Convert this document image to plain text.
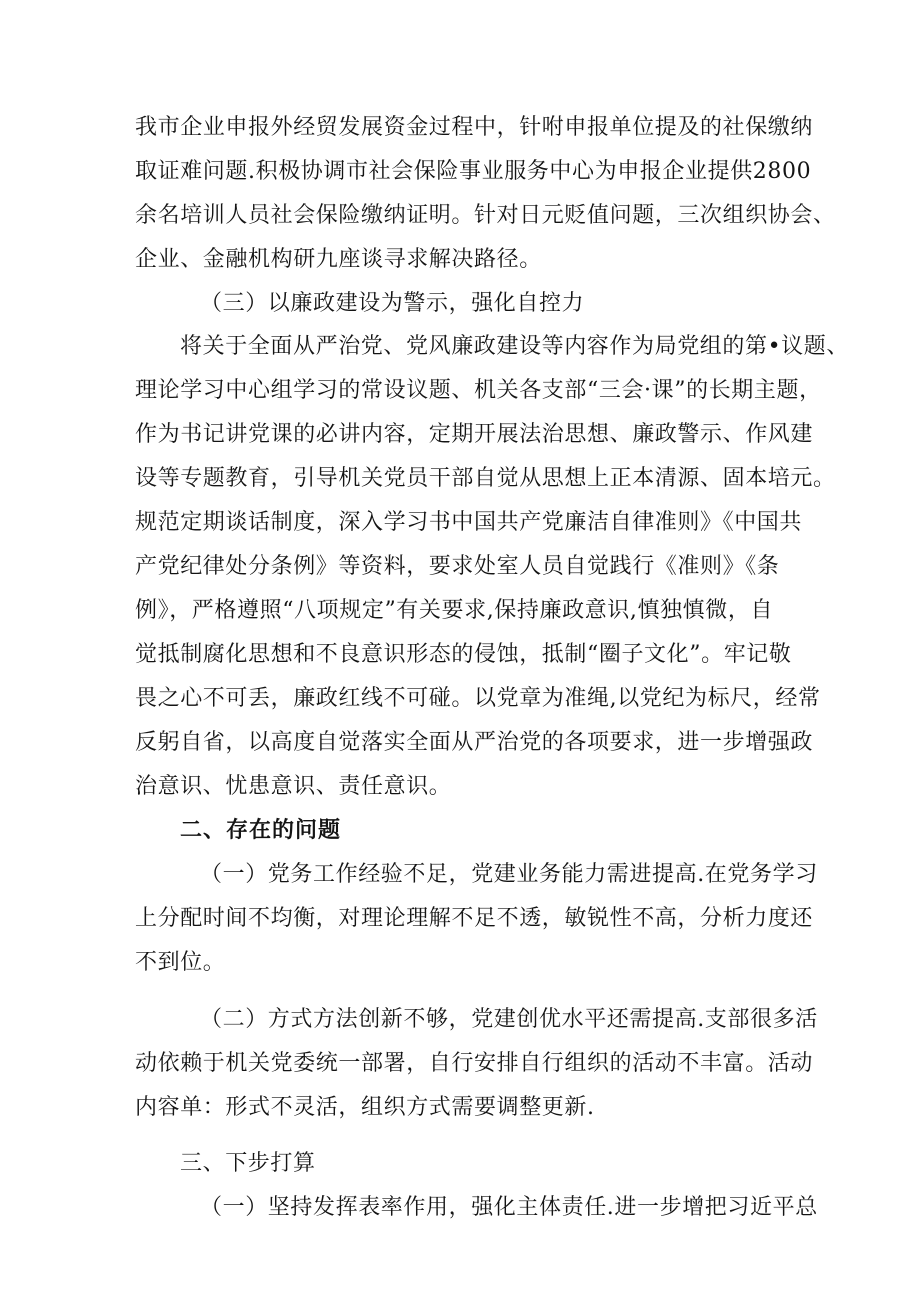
我市企业申报外经贸发展资金过程中，针咐申报单位提及的社保缴纳
取证难问题.积极协调市社会保险事业服务中心为申报企业提供2800
余名培训人员社会保险缴纳证明。针对日元贬值问题，三次组织协会、
企业、金融机构研九座谈寻求解决路径。
（三）以廉政建设为警示，强化自控力
将关于全面从严治党、党风廉政建设等内容作为局党组的第•议题、
理论学习中心组学习的常设议题、机关各支部“三会·课”的长期主题，
作为书记讲党课的必讲内容，定期开展法治思想、廉政警示、作风建
设等专题教育，引导机关党员干部自觉从思想上正本清源、固本培元。
规范定期谈话制度，深入学习书中国共产党廉洁自律准则》《中国共
产党纪律处分条例》等资料，要求处室人员自觉践行《准则》《条
例》，严格遵照“八项规定”有关要求,保持廉政意识,慎独慎微，自
觉抵制腐化思想和不良意识形态的侵蚀，抵制“圈子文化”。牢记敬
畏之心不可丢，廉政红线不可碰。以党章为准绳,以党纪为标尺，经常
反躬自省，以高度自觉落实全面从严治党的各项要求，进一步增强政
治意识、忧患意识、责任意识。
二、存在的问题
（一）党务工作经验不足，党建业务能力需进提高.在党务学习
上分配时间不均衡，对理论理解不足不透，敏锐性不高，分析力度还
不到位。
（二）方式方法创新不够，党建创优水平还需提高.支部很多活
动依赖于机关党委统一部署，自行安排自行组织的活动不丰富。活动
内容单：形式不灵活，组织方式需要调整更新.
三、下步打算
（一）坚持发挥表率作用，强化主体责任.进一步增把习近平总
